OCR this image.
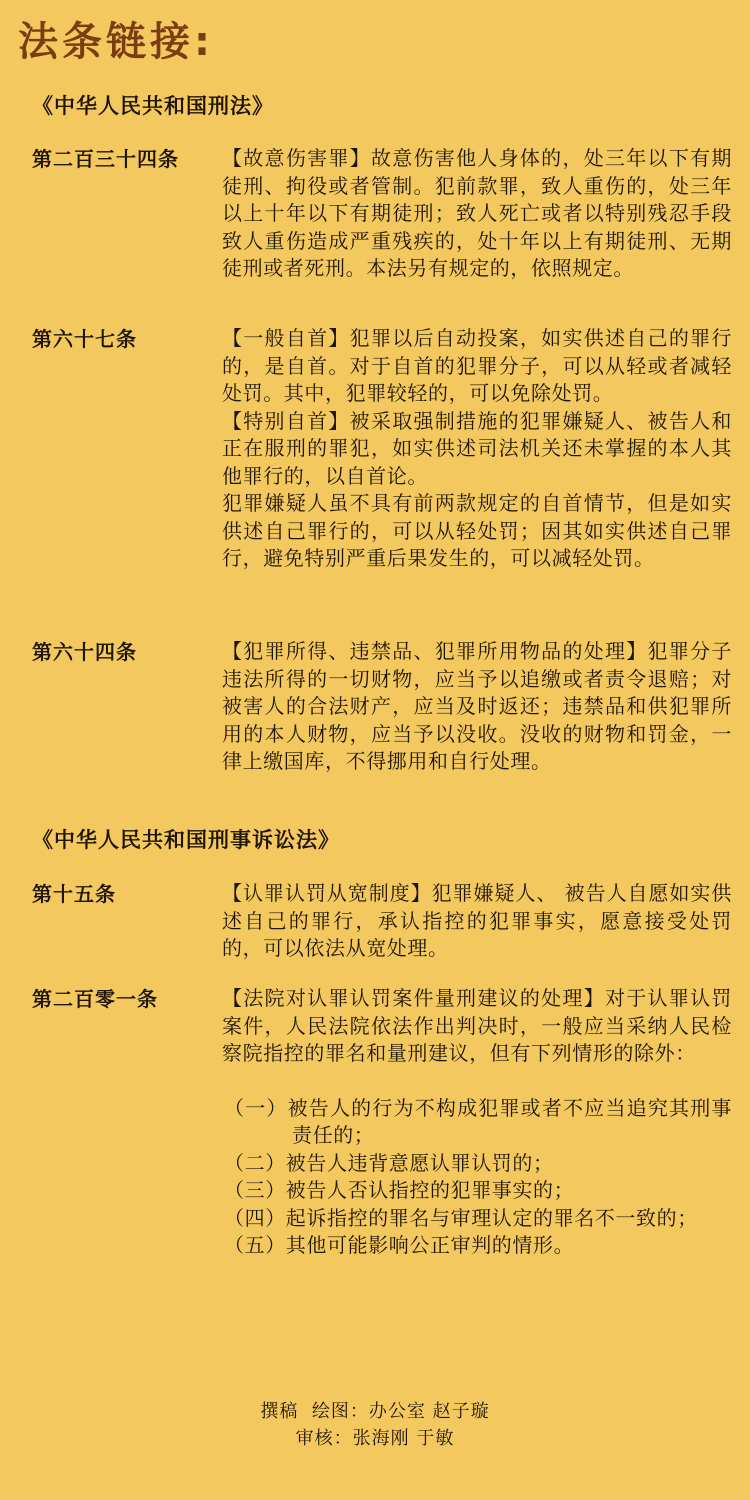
法条链接:
《中华人民共和国刑法》
第二百三十四条 【故意伤害罪】故意伤害他人身体的，处三年以下有期徒刑、拘役或者管制。犯前款罪，致人重伤的，处三年以上十年以下有期徒刑；致人死亡或者以特别残忍手段致人重伤造成严重残疾的，处十年以上有期徒刑、无期徒刑或者死刑。本法另有规定的，依照规定。

第六十七条	【一般自首】犯罪以后自动投案，如实供述自己的罪行的，是自首。对于自首的犯罪分子，可以从轻或者减轻处罚。其中，犯罪较轻的，可以免除处罚。

【特别自首】被采取强制措施的犯罪嫌疑人、被告人和正在服刑的罪犯，如实供述司法机关还未掌握的本人其他罪行的，以自首论。

犯罪嫌疑人虽不具有前两款规定的自首情节，但是如实供述自己罪行的，可以从轻处罚；因其如实供述自己罪行，避免特别严重后果发生的，可以减轻处罚。

第六十四条	【犯罪所得、违禁品、犯罪所用物品的处理】犯罪分子违法所得的一切财物，应当予以追缴或者责令退赔；对被害人的合法财产，应当及时返还；违禁品和供犯罪所用的本人财物，应当予以没收。没收的财物和罚金，一律上缴国库，不得挪用和自行处理。

《中华人民共和国刑事诉讼法》
第十五条	【认罪认罚从宽制度】犯罪嫌疑人、 被告人自愿如实供述自己的罪行，承认指控的犯罪事实，愿意接受处罚的，可以依法从宽处理。

第二百零一条	【法院对认罪认罚案件量刑建议的处理】对于认罪认罚案件，人民法院依法作出判决时，一般应当采纳人民检察院指控的罪名和量刑建议，但有下列情形的除外：

（一）被告人的行为不构成犯罪或者不应当追究其刑事责任的；

（二）被告人违背意愿认罪认罚的；

（三）被告人否认指控的犯罪事实的；

（四）起诉指控的罪名与审理认定的罪名不一致的；

（五）其他可能影响公正审判的情形。

撰稿  绘图：办公室 赵子璇
审核：张海刚 于敏
